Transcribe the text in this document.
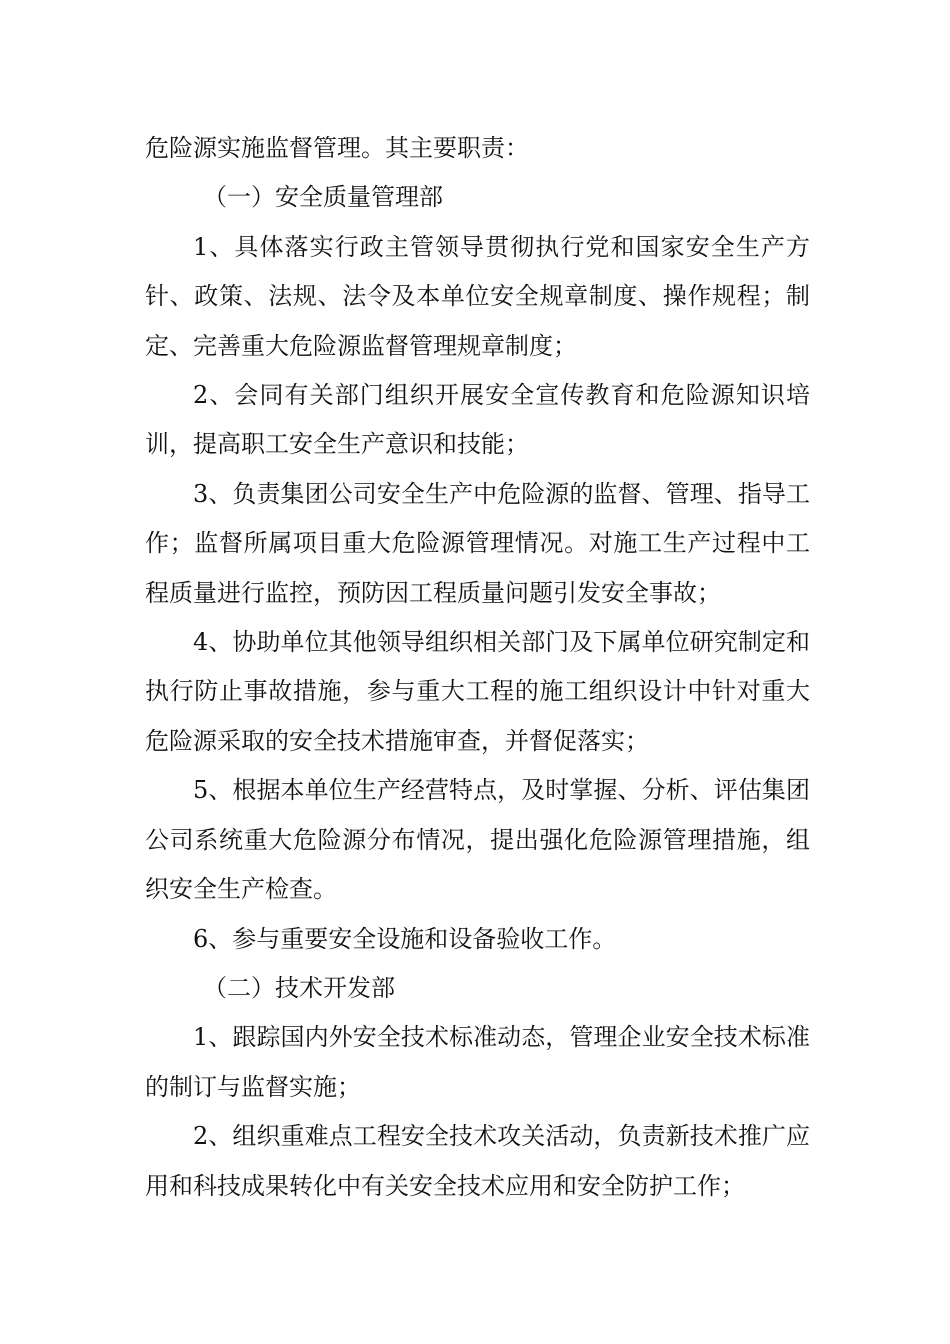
危险源实施监督管理。其主要职责：

（一）安全质量管理部

1、具体落实行政主管领导贯彻执行党和国家安全生产方针、政策、法规、法令及本单位安全规章制度、操作规程；制定、完善重大危险源监督管理规章制度；

2、会同有关部门组织开展安全宣传教育和危险源知识培训，提高职工安全生产意识和技能；

3、负责集团公司安全生产中危险源的监督、管理、指导工作；监督所属项目重大危险源管理情况。对施工生产过程中工程质量进行监控，预防因工程质量问题引发安全事故；

4、协助单位其他领导组织相关部门及下属单位研究制定和执行防止事故措施，参与重大工程的施工组织设计中针对重大危险源采取的安全技术措施审查，并督促落实；

5、根据本单位生产经营特点，及时掌握、分析、评估集团公司系统重大危险源分布情况，提出强化危险源管理措施，组织安全生产检查。

6、参与重要安全设施和设备验收工作。

（二）技术开发部

1、跟踪国内外安全技术标准动态，管理企业安全技术标准的制订与监督实施；

2、组织重难点工程安全技术攻关活动，负责新技术推广应用和科技成果转化中有关安全技术应用和安全防护工作；
